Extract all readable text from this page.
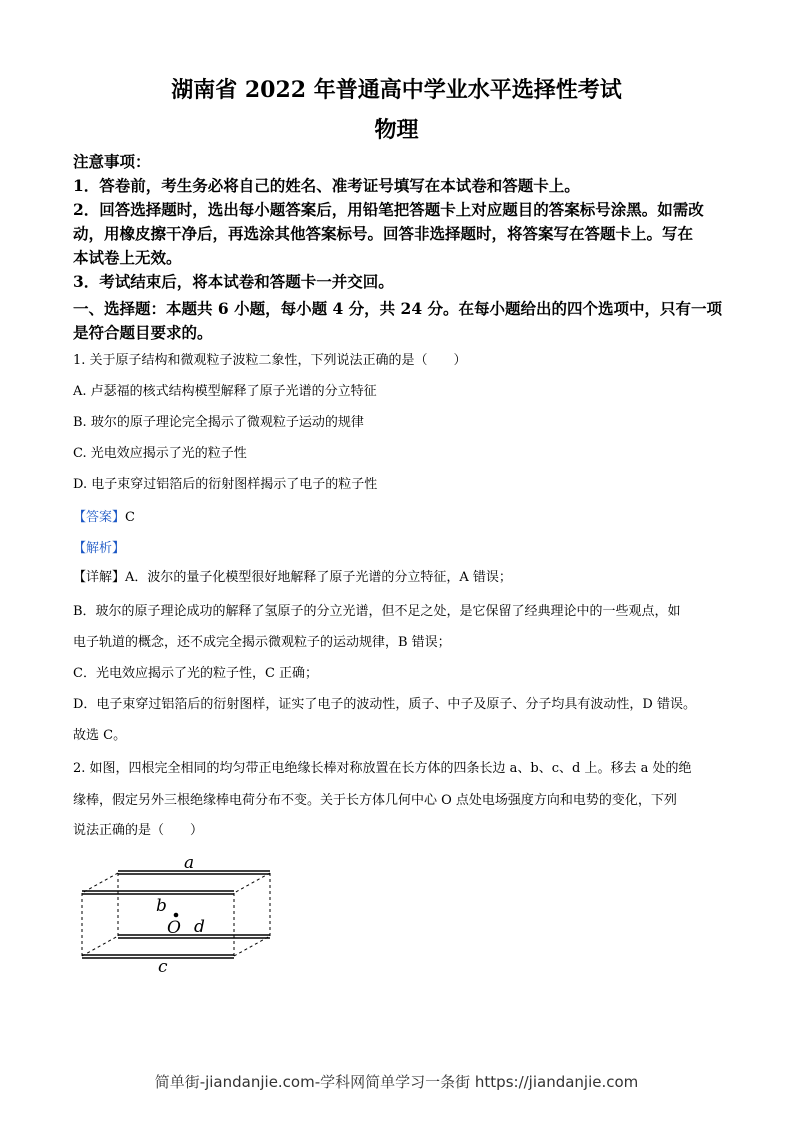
湖南省 2022 年普通高中学业水平选择性考试
物理
注意事项：
1．答卷前，考生务必将自己的姓名、准考证号填写在本试卷和答题卡上。
2．回答选择题时，选出每小题答案后，用铅笔把答题卡上对应题目的答案标号涂黑。如需改
动，用橡皮擦干净后，再选涂其他答案标号。回答非选择题时，将答案写在答题卡上。写在
本试卷上无效。
3．考试结束后，将本试卷和答题卡一并交回。
一、选择题：本题共 6 小题，每小题 4 分，共 24 分。在每小题给出的四个选项中，只有一项
是符合题目要求的。
1. 关于原子结构和微观粒子波粒二象性，下列说法正确的是（　　）
A. 卢瑟福的核式结构模型解释了原子光谱的分立特征
B. 玻尔的原子理论完全揭示了微观粒子运动的规律
C. 光电效应揭示了光的粒子性
D. 电子束穿过铝箔后的衍射图样揭示了电子的粒子性
【答案】C
【解析】
【详解】A．波尔的量子化模型很好地解释了原子光谱的分立特征，A 错误；
B．玻尔的原子理论成功的解释了氢原子的分立光谱，但不足之处，是它保留了经典理论中的一些观点，如
电子轨道的概念，还不成完全揭示微观粒子的运动规律，B 错误；
C．光电效应揭示了光的粒子性，C 正确；
D．电子束穿过铝箔后的衍射图样，证实了电子的波动性，质子、中子及原子、分子均具有波动性，D 错误。
故选 C。
2. 如图，四根完全相同的均匀带正电绝缘长棒对称放置在长方体的四条长边 a、b、c、d 上。移去 a 处的绝
缘棒，假定另外三根绝缘棒电荷分布不变。关于长方体几何中心 O 点处电场强度方向和电势的变化，下列
说法正确的是（　　）
a
b
O d
c
简单街-jiandanjie.com-学科网简单学习一条街 https://jiandanjie.com
